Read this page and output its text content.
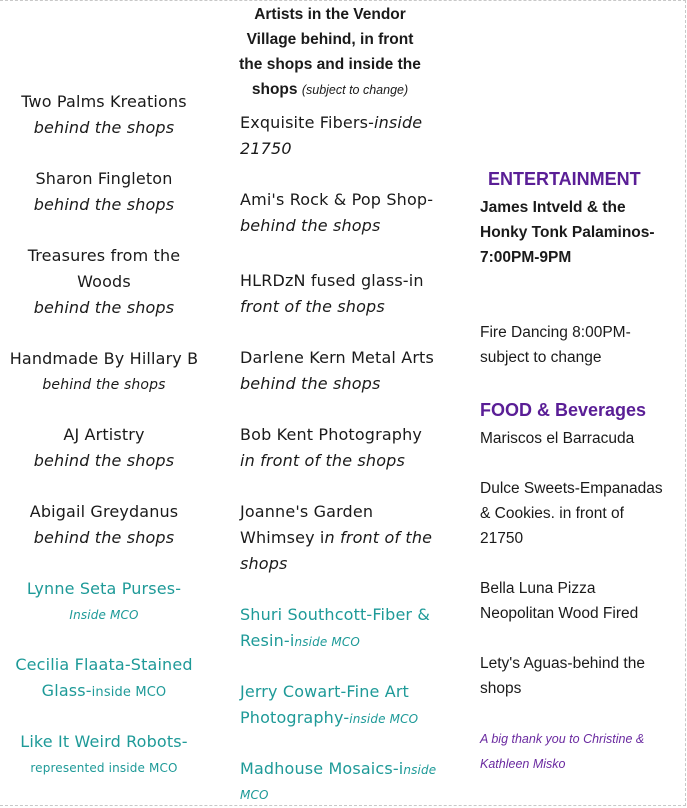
Two Palms Kreations
behind the shops
Sharon Fingleton
behind the shops
Treasures from the
Woods
behind the shops
Handmade By Hillary B
behind the shops
AJ Artistry
behind the shops
Abigail Greydanus
behind the shops
Lynne Seta Purses-
Inside MCO
Cecilia Flaata-Stained
Glass-inside MCO
Like It Weird Robots-
represented inside MCO
Artists in the Vendor
Village behind, in front
the shops and inside the
shops (subject to change)
Exquisite Fibers-inside
21750
Ami's Rock & Pop Shop-
behind the shops
HLRDzN fused glass-in
front of the shops
Darlene Kern Metal Arts
behind the shops
Bob Kent Photography
in front of the shops
Joanne's Garden
Whimsey in front of the
shops
Shuri Southcott-Fiber &
Resin-inside MCO
Jerry Cowart-Fine Art
Photography-inside MCO
Madhouse Mosaics-inside
MCO
ENTERTAINMENT
James Intveld & the
Honky Tonk Palaminos-
7:00PM-9PM
Fire Dancing 8:00PM-
subject to change
FOOD & Beverages
Mariscos el Barracuda
Dulce Sweets-Empanadas
& Cookies. in front of
21750
Bella Luna Pizza
Neopolitan Wood Fired
Lety's Aguas-behind the
shops
A big thank you to Christine &
Kathleen Misko
